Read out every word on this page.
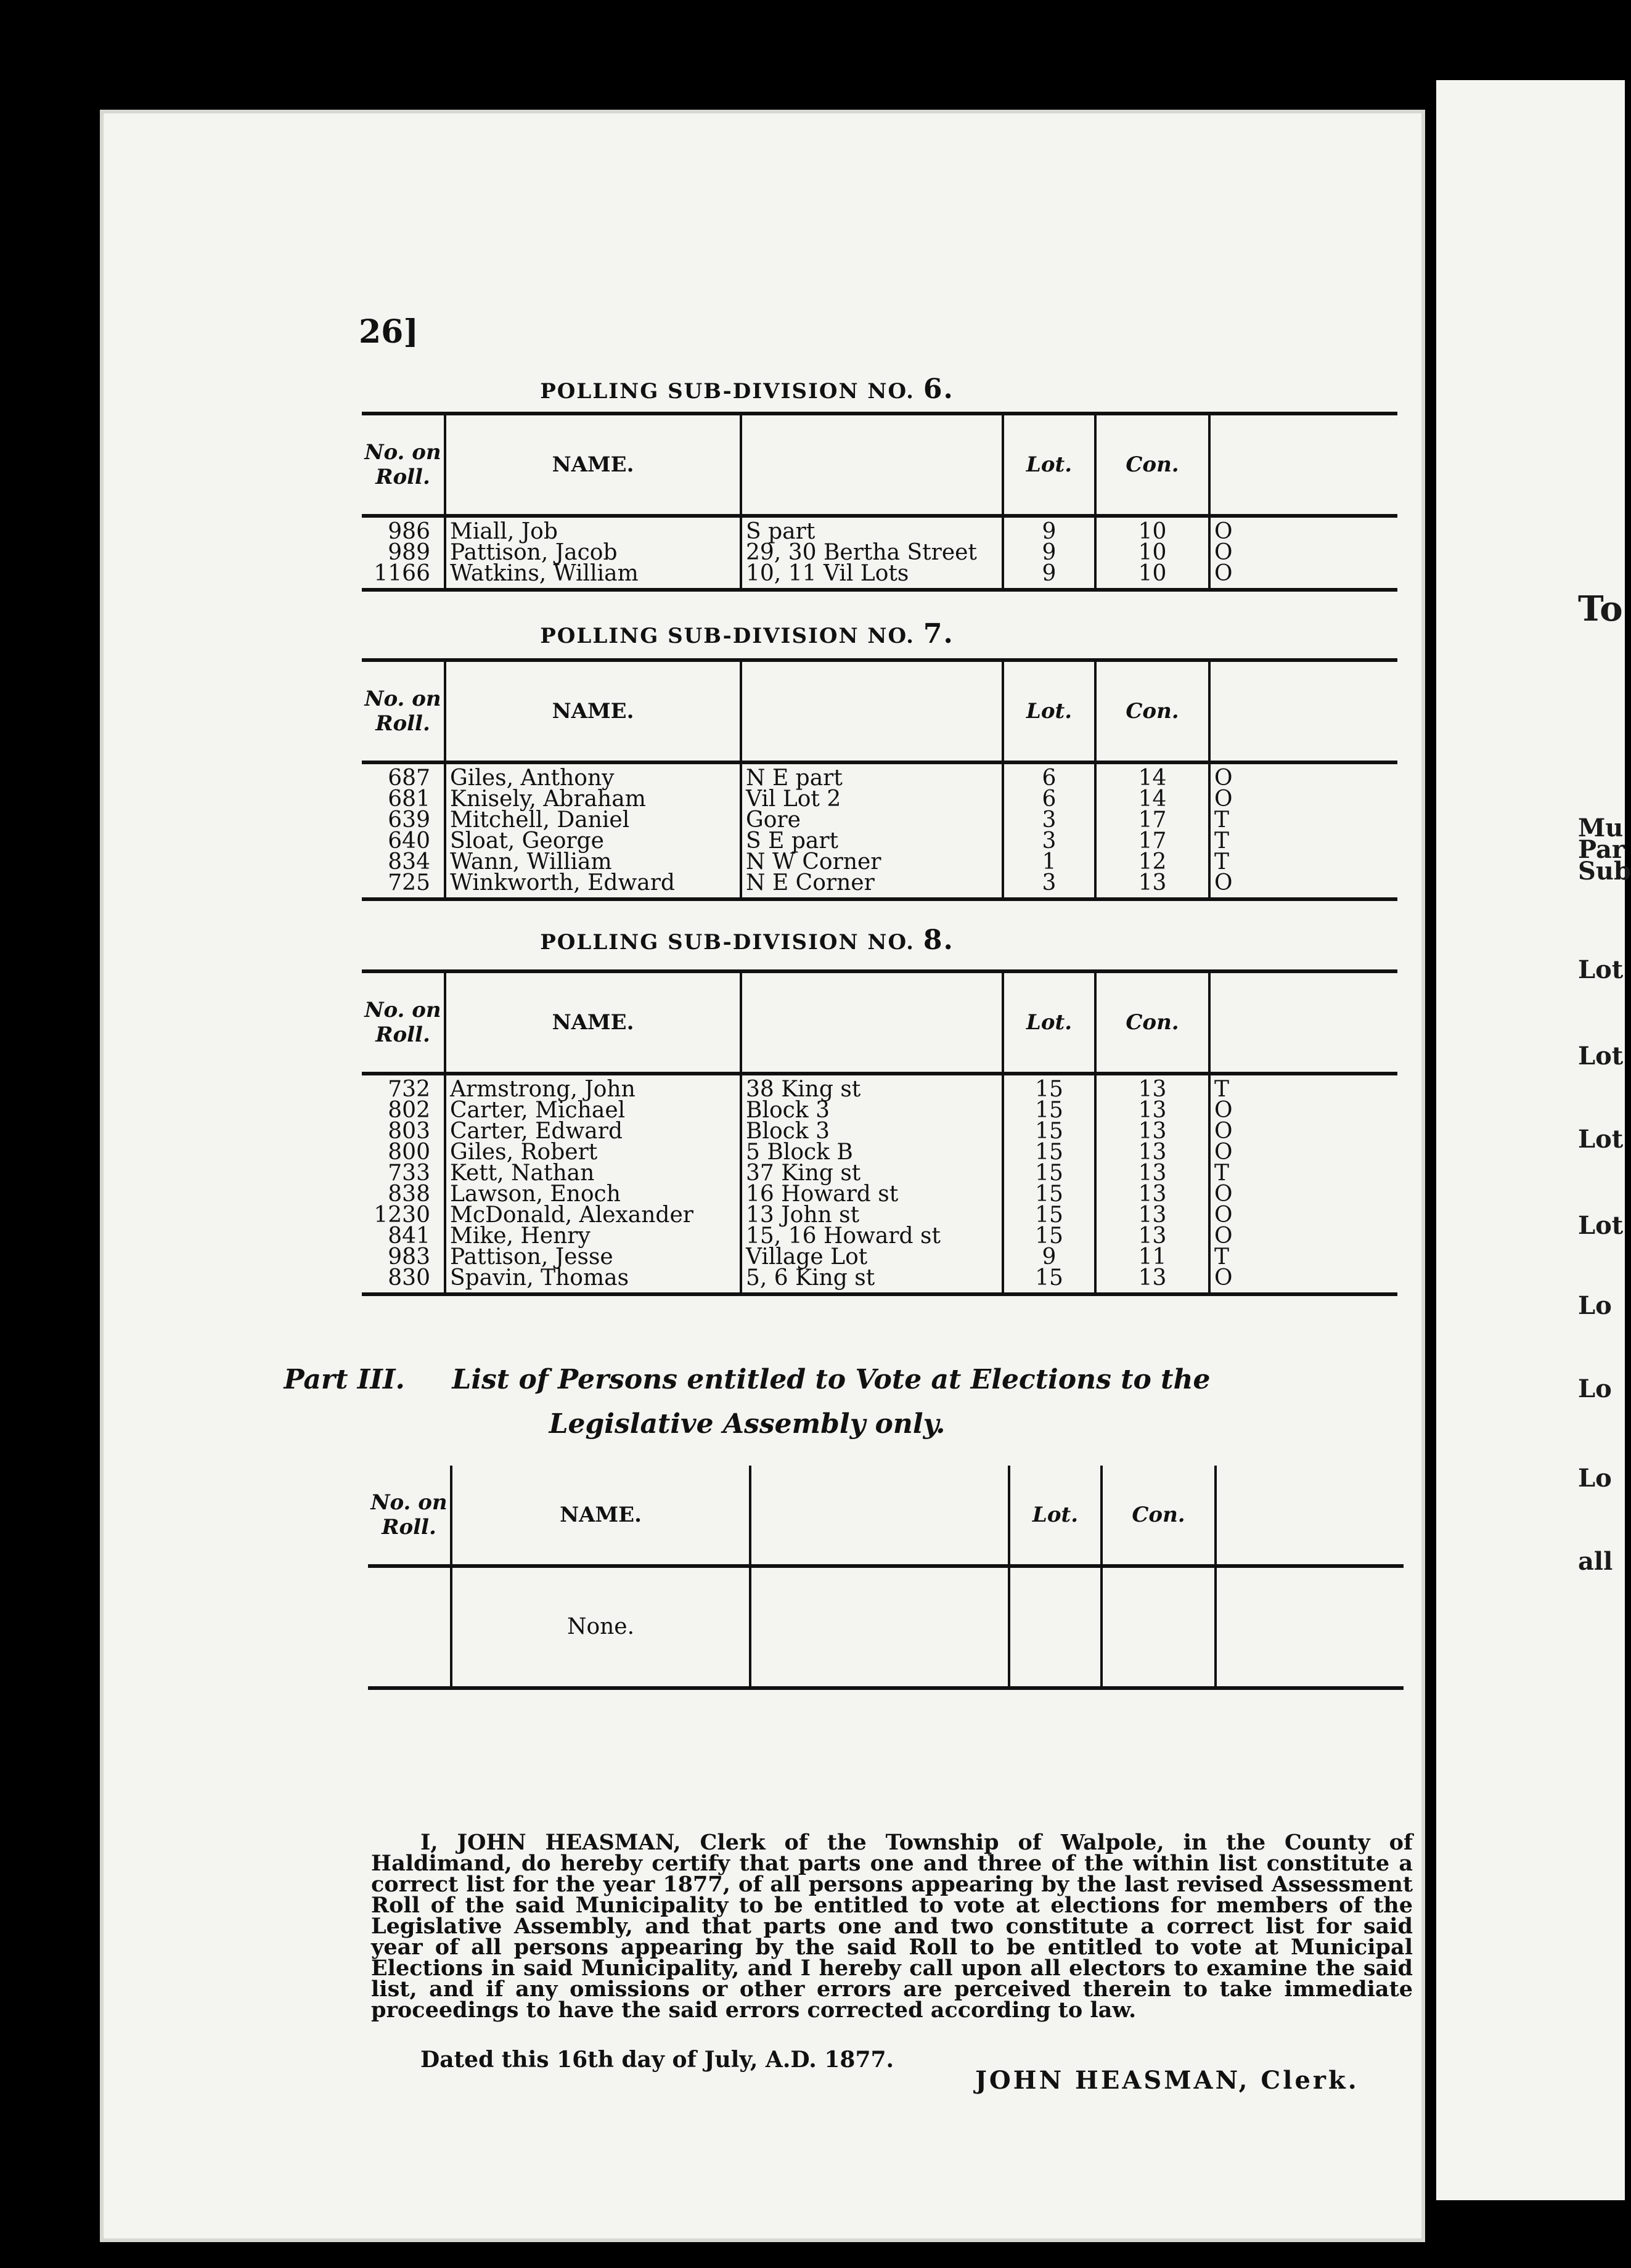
26]
POLLING SUB-DIVISION NO. 6.
No. on Roll.	NAME.		Lot.	Con.	
986	Miall, Job	S part	9	10	O
989	Pattison, Jacob	29, 30 Bertha Street	9	10	O
1166	Watkins, William	10, 11 Vil Lots	9	10	O
POLLING SUB-DIVISION NO. 7.
No. on Roll.	NAME.		Lot.	Con.	
687	Giles, Anthony	N E part	6	14	O
681	Knisely, Abraham	Vil Lot 2	6	14	O
639	Mitchell, Daniel	Gore	3	17	T
640	Sloat, George	S E part	3	17	T
834	Wann, William	N W Corner	1	12	T
725	Winkworth, Edward	N E Corner	3	13	O
POLLING SUB-DIVISION NO. 8.
No. on Roll.	NAME.		Lot.	Con.	
732	Armstrong, John	38 King st	15	13	T
802	Carter, Michael	Block 3	15	13	O
803	Carter, Edward	Block 3	15	13	O
800	Giles, Robert	5 Block B	15	13	O
733	Kett, Nathan	37 King st	15	13	T
838	Lawson, Enoch	16 Howard st	15	13	O
1230	McDonald, Alexander	13 John st	15	13	O
841	Mike, Henry	15, 16 Howard st	15	13	O
983	Pattison, Jesse	Village Lot	9	11	T
830	Spavin, Thomas	5, 6 King st	15	13	O
Part III.     List of Persons entitled to Vote at Elections to the
Legislative Assembly only.
No. on Roll.	NAME.		Lot.	Con.	
	None.				

I, JOHN HEASMAN, Clerk of the Township of Walpole, in the County of Haldimand, do hereby certify that parts one and three of the within list constitute a correct list for the year 1877, of all persons appearing by the last revised Assessment Roll of the said Municipality to be entitled to vote at elections for members of the Legislative Assembly, and that parts one and two constitute a correct list for said year of all persons appearing by the said Roll to be entitled to vote at Municipal Elections in said Municipality, and I hereby call upon all electors to examine the said list, and if any omissions or other errors are perceived therein to take immediate proceedings to have the said errors corrected according to law.

Dated this 16th day of July, A.D. 1877.
JOHN HEASMAN, Clerk.
To
Mu
Par
Sub
Lot
Lot
Lot
Lot
Lo
Lo
Lo
all
